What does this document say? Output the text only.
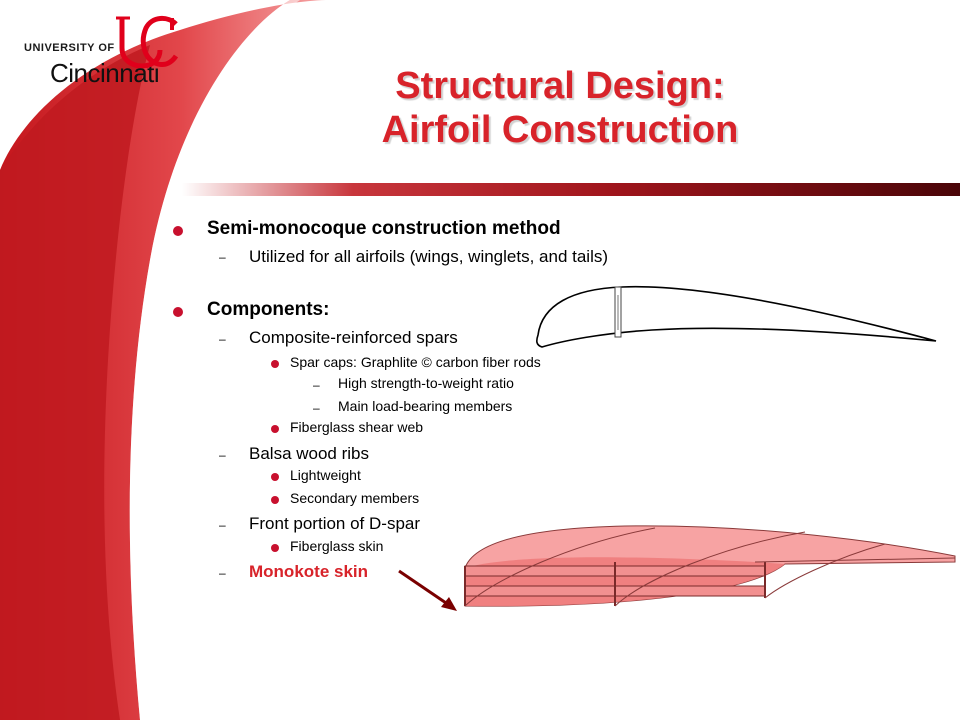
UNIVERSITY OF
Cincinnati	Structural Design:
Airfoil Construction
Semi-monocoque construction method
– Utilized for all airfoils (wings, winglets, and tails)
Components:
– Composite-reinforced spars
Spar caps: Graphlite © carbon fiber rods
– High strength-to-weight ratio
– Main load-bearing members
Fiberglass shear web
– Balsa wood ribs
Lightweight
Secondary members
– Front portion of D-spar
Fiberglass skin
– Monokote skin
